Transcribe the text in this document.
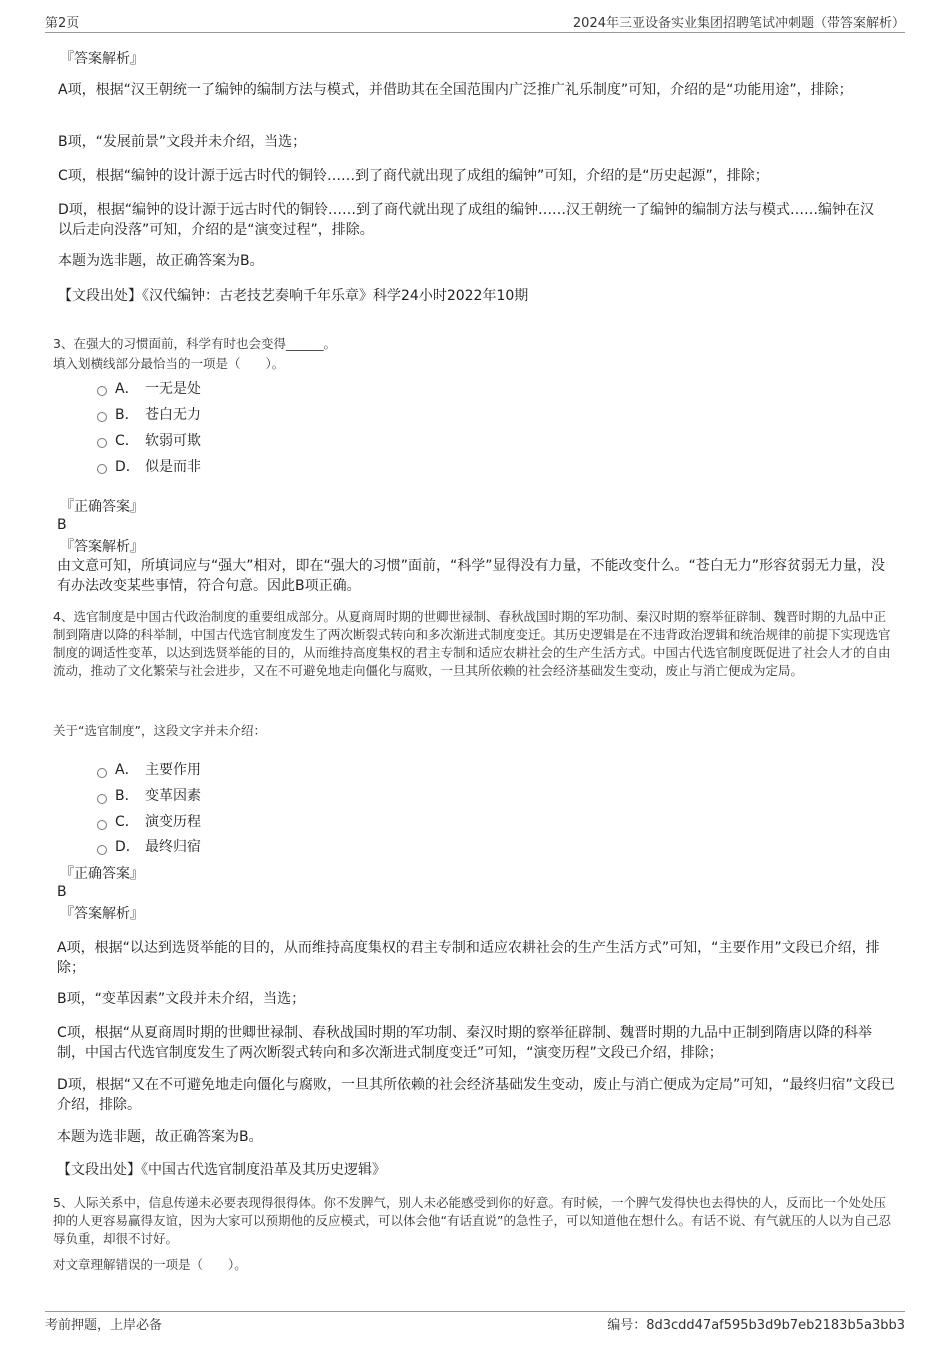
第2页	2024年三亚设备实业集团招聘笔试冲刺题（带答案解析）
『答案解析』
A项，根据“汉王朝统一了编钟的编制方法与模式，并借助其在全国范围内广泛推广礼乐制度”可知，介绍的是“功能用途”，排除；
B项，“发展前景”文段并未介绍，当选；
C项，根据“编钟的设计源于远古时代的铜铃……到了商代就出现了成组的编钟”可知，介绍的是“历史起源”，排除；
D项，根据“编钟的设计源于远古时代的铜铃……到了商代就出现了成组的编钟……汉王朝统一了编钟的编制方法与模式……编钟在汉以后走向没落”可知，介绍的是“演变过程”，排除。
本题为选非题，故正确答案为B。
【文段出处】《汉代编钟：古老技艺奏响千年乐章》科学24小时2022年10期
3、在强大的习惯面前，科学有时也会变得______。
填入划横线部分最恰当的一项是（　　）。
A． 一无是处
B． 苍白无力
C． 软弱可欺
D． 似是而非
『正确答案』
B
『答案解析』
由文意可知，所填词应与“强大”相对，即在“强大的习惯”面前，“科学”显得没有力量，不能改变什么。“苍白无力”形容贫弱无力量，没有办法改变某些事情，符合句意。因此B项正确。
4、选官制度是中国古代政治制度的重要组成部分。从夏商周时期的世卿世禄制、春秋战国时期的军功制、秦汉时期的察举征辟制、魏晋时期的九品中正制到隋唐以降的科举制，中国古代选官制度发生了两次断裂式转向和多次渐进式制度变迁。其历史逻辑是在不违背政治逻辑和统治规律的前提下实现选官制度的调适性变革，以达到选贤举能的目的，从而维持高度集权的君主专制和适应农耕社会的生产生活方式。中国古代选官制度既促进了社会人才的自由流动，推动了文化繁荣与社会进步，又在不可避免地走向僵化与腐败，一旦其所依赖的社会经济基础发生变动，废止与消亡便成为定局。
关于“选官制度”，这段文字并未介绍：
A． 主要作用
B． 变革因素
C． 演变历程
D． 最终归宿
『正确答案』
B
『答案解析』
A项，根据“以达到选贤举能的目的，从而维持高度集权的君主专制和适应农耕社会的生产生活方式”可知，“主要作用”文段已介绍，排除；
B项，“变革因素”文段并未介绍，当选；
C项，根据“从夏商周时期的世卿世禄制、春秋战国时期的军功制、秦汉时期的察举征辟制、魏晋时期的九品中正制到隋唐以降的科举制，中国古代选官制度发生了两次断裂式转向和多次渐进式制度变迁”可知，“演变历程”文段已介绍，排除；
D项，根据“又在不可避免地走向僵化与腐败，一旦其所依赖的社会经济基础发生变动，废止与消亡便成为定局”可知，“最终归宿”文段已介绍，排除。
本题为选非题，故正确答案为B。
【文段出处】《中国古代选官制度沿革及其历史逻辑》
5、人际关系中，信息传递未必要表现得很得体。你不发脾气，别人未必能感受到你的好意。有时候，一个脾气发得快也去得快的人，反而比一个处处压抑的人更容易赢得友谊，因为大家可以预期他的反应模式，可以体会他“有话直说”的急性子，可以知道他在想什么。有话不说、有气就压的人以为自己忍辱负重，却很不讨好。
对文章理解错误的一项是（　　）。
考前押题，上岸必备	编号：8d3cdd47af595b3d9b7eb2183b5a3bb3
